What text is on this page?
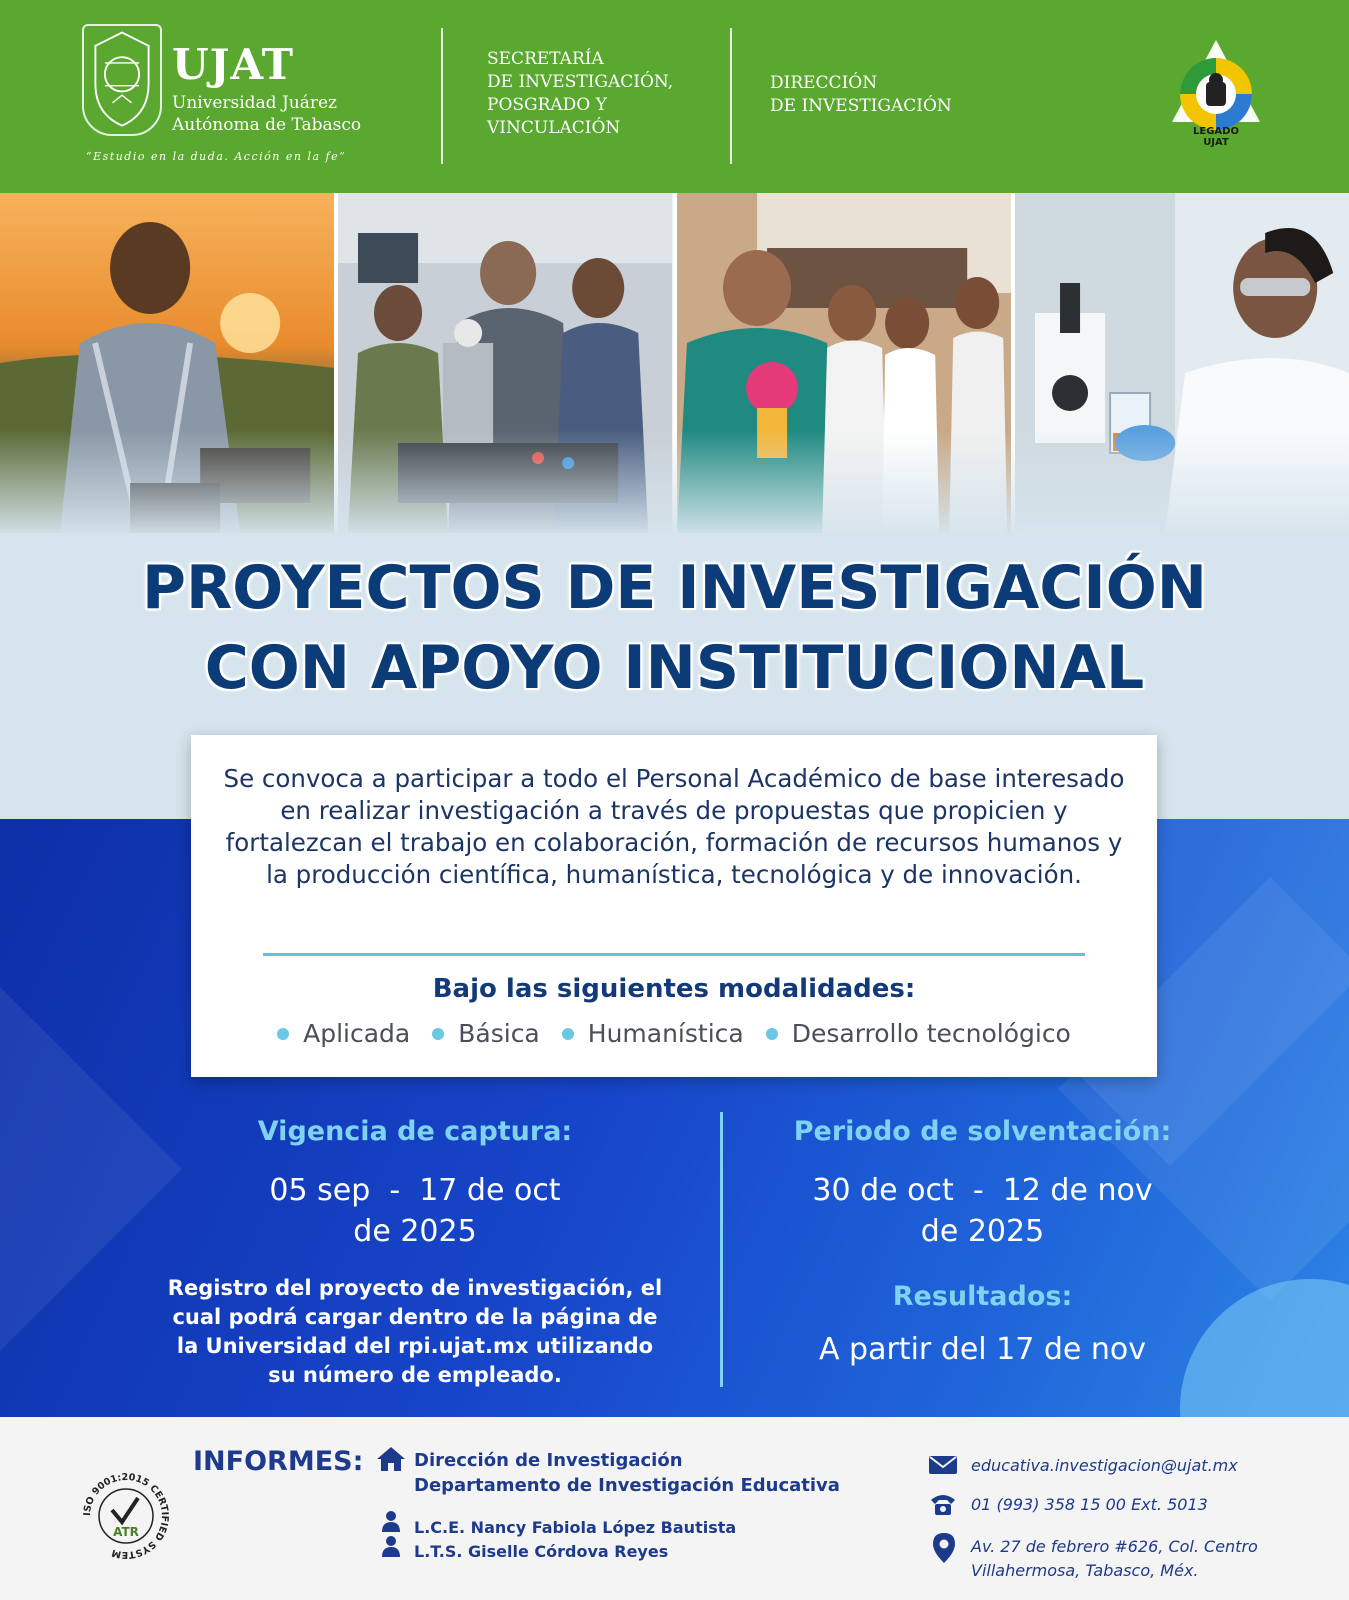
UJAT
Universidad Juárez
Autónoma de Tabasco
“Estudio en la duda. Acción en la fe”
SECRETARÍA
DE INVESTIGACIÓN,
POSGRADO Y
VINCULACIÓN
DIRECCIÓN
DE INVESTIGACIÓN
LEGADO
UJAT
PROYECTOS DE INVESTIGACIÓN
CON APOYO INSTITUCIONAL
Se convoca a participar a todo el Personal Académico de base interesado en realizar investigación a través de propuestas que propicien y fortalezcan el trabajo en colaboración, formación de recursos humanos y la producción científica, humanística, tecnológica y de innovación.
Bajo las siguientes modalidades:
Aplicada Básica Humanística Desarrollo tecnológico
Vigencia de captura:
05 sep  -  17 de oct
de 2025
Registro del proyecto de investigación, el cual podrá cargar dentro de la página de la Universidad del rpi.ujat.mx utilizando su número de empleado.
Periodo de solventación:
30 de oct  -  12 de nov
de 2025
Resultados:
A partir del 17 de nov
ISO 9001:2015 CERTIFIED SYSTEM
ATR
INFORMES:	Dirección de Investigación
Departamento de Investigación Educativa
L.C.E. Nancy Fabiola López Bautista
L.T.S. Giselle Córdova Reyes
educativa.investigacion@ujat.mx
01 (993) 358 15 00 Ext. 5013
Av. 27 de febrero #626, Col. Centro
Villahermosa, Tabasco, Méx.
